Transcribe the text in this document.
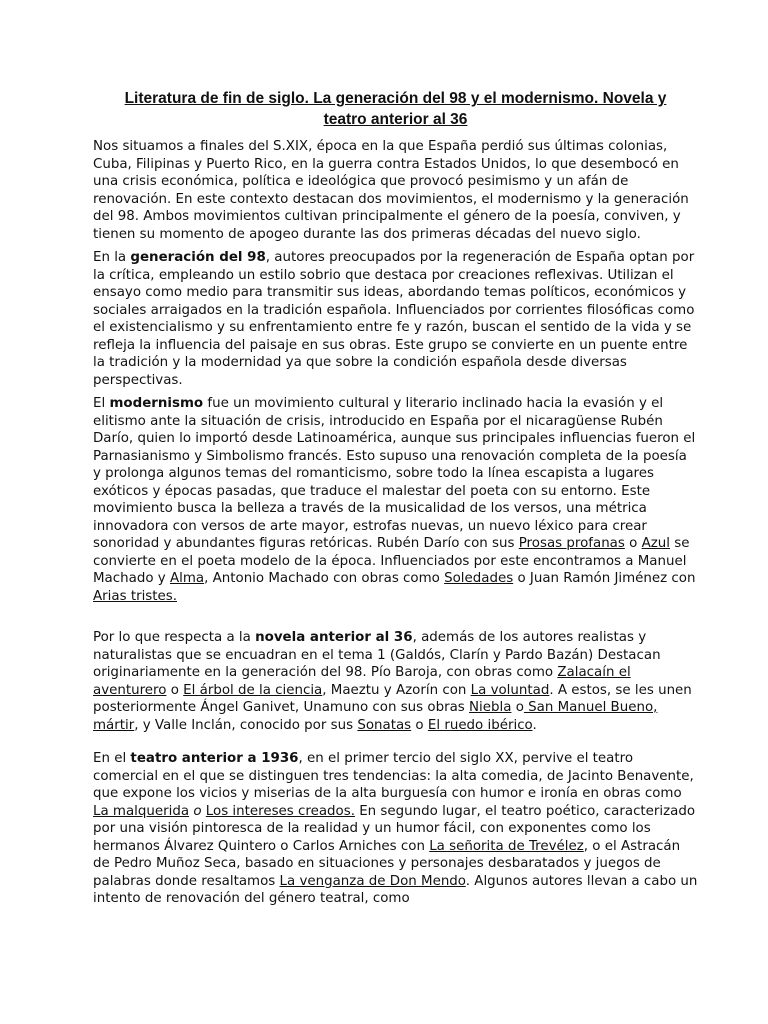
Literatura de fin de siglo. La generación del 98 y el modernismo. Novela y
teatro anterior al 36

Nos situamos a finales del S.XIX, época en la que España perdió sus últimas colonias, Cuba, Filipinas y Puerto Rico, en la guerra contra Estados Unidos, lo que desembocó en una crisis económica, política e ideológica que provocó pesimismo y un afán de renovación. En este contexto destacan dos movimientos, el modernismo y la generación del 98. Ambos movimientos cultivan principalmente el género de la poesía, conviven, y tienen su momento de apogeo durante las dos primeras décadas del nuevo siglo.

En la generación del 98, autores preocupados por la regeneración de España optan por la crítica, empleando un estilo sobrio que destaca por creaciones reflexivas. Utilizan el ensayo como medio para transmitir sus ideas, abordando temas políticos, económicos y sociales arraigados en la tradición española. Influenciados por corrientes filosóficas como el existencialismo y su enfrentamiento entre fe y razón, buscan el sentido de la vida y se refleja la influencia del paisaje en sus obras. Este grupo se convierte en un puente entre la tradición y la modernidad ya que sobre la condición española desde diversas perspectivas.

El modernismo fue un movimiento cultural y literario inclinado hacia la evasión y el elitismo ante la situación de crisis, introducido en España por el nicaragüense Rubén Darío, quien lo importó desde Latinoamérica, aunque sus principales influencias fueron el Parnasianismo y Simbolismo francés. Esto supuso una renovación completa de la poesía y prolonga algunos temas del romanticismo, sobre todo la línea escapista a lugares exóticos y épocas pasadas, que traduce el malestar del poeta con su entorno. Este movimiento busca la belleza a través de la musicalidad de los versos, una métrica innovadora con versos de arte mayor, estrofas nuevas, un nuevo léxico para crear sonoridad y abundantes figuras retóricas. Rubén Darío con sus Prosas profanas o Azul se convierte en el poeta modelo de la época. Influenciados por este encontramos a Manuel Machado y Alma, Antonio Machado con obras como Soledades o Juan Ramón Jiménez con Arias tristes.

Por lo que respecta a la novela anterior al 36, además de los autores realistas y naturalistas que se encuadran en el tema 1 (Galdós, Clarín y Pardo Bazán) Destacan originariamente en la generación del 98. Pío Baroja, con obras como Zalacaín el aventurero o El árbol de la ciencia, Maeztu y Azorín con La voluntad. A estos, se les unen posteriormente Ángel Ganivet, Unamuno con sus obras Niebla o San Manuel Bueno, mártir, y Valle Inclán, conocido por sus Sonatas o El ruedo ibérico.

En el teatro anterior a 1936, en el primer tercio del siglo XX, pervive el teatro comercial en el que se distinguen tres tendencias: la alta comedia, de Jacinto Benavente, que expone los vicios y miserias de la alta burguesía con humor e ironía en obras como La malquerida o Los intereses creados. En segundo lugar, el teatro poético, caracterizado por una visión pintoresca de la realidad y un humor fácil, con exponentes como los hermanos Álvarez Quintero o Carlos Arniches con La señorita de Trevélez, o el Astracán de Pedro Muñoz Seca, basado en situaciones y personajes desbaratados y juegos de palabras donde resaltamos La venganza de Don Mendo. Algunos autores llevan a cabo un intento de renovación del género teatral, como
